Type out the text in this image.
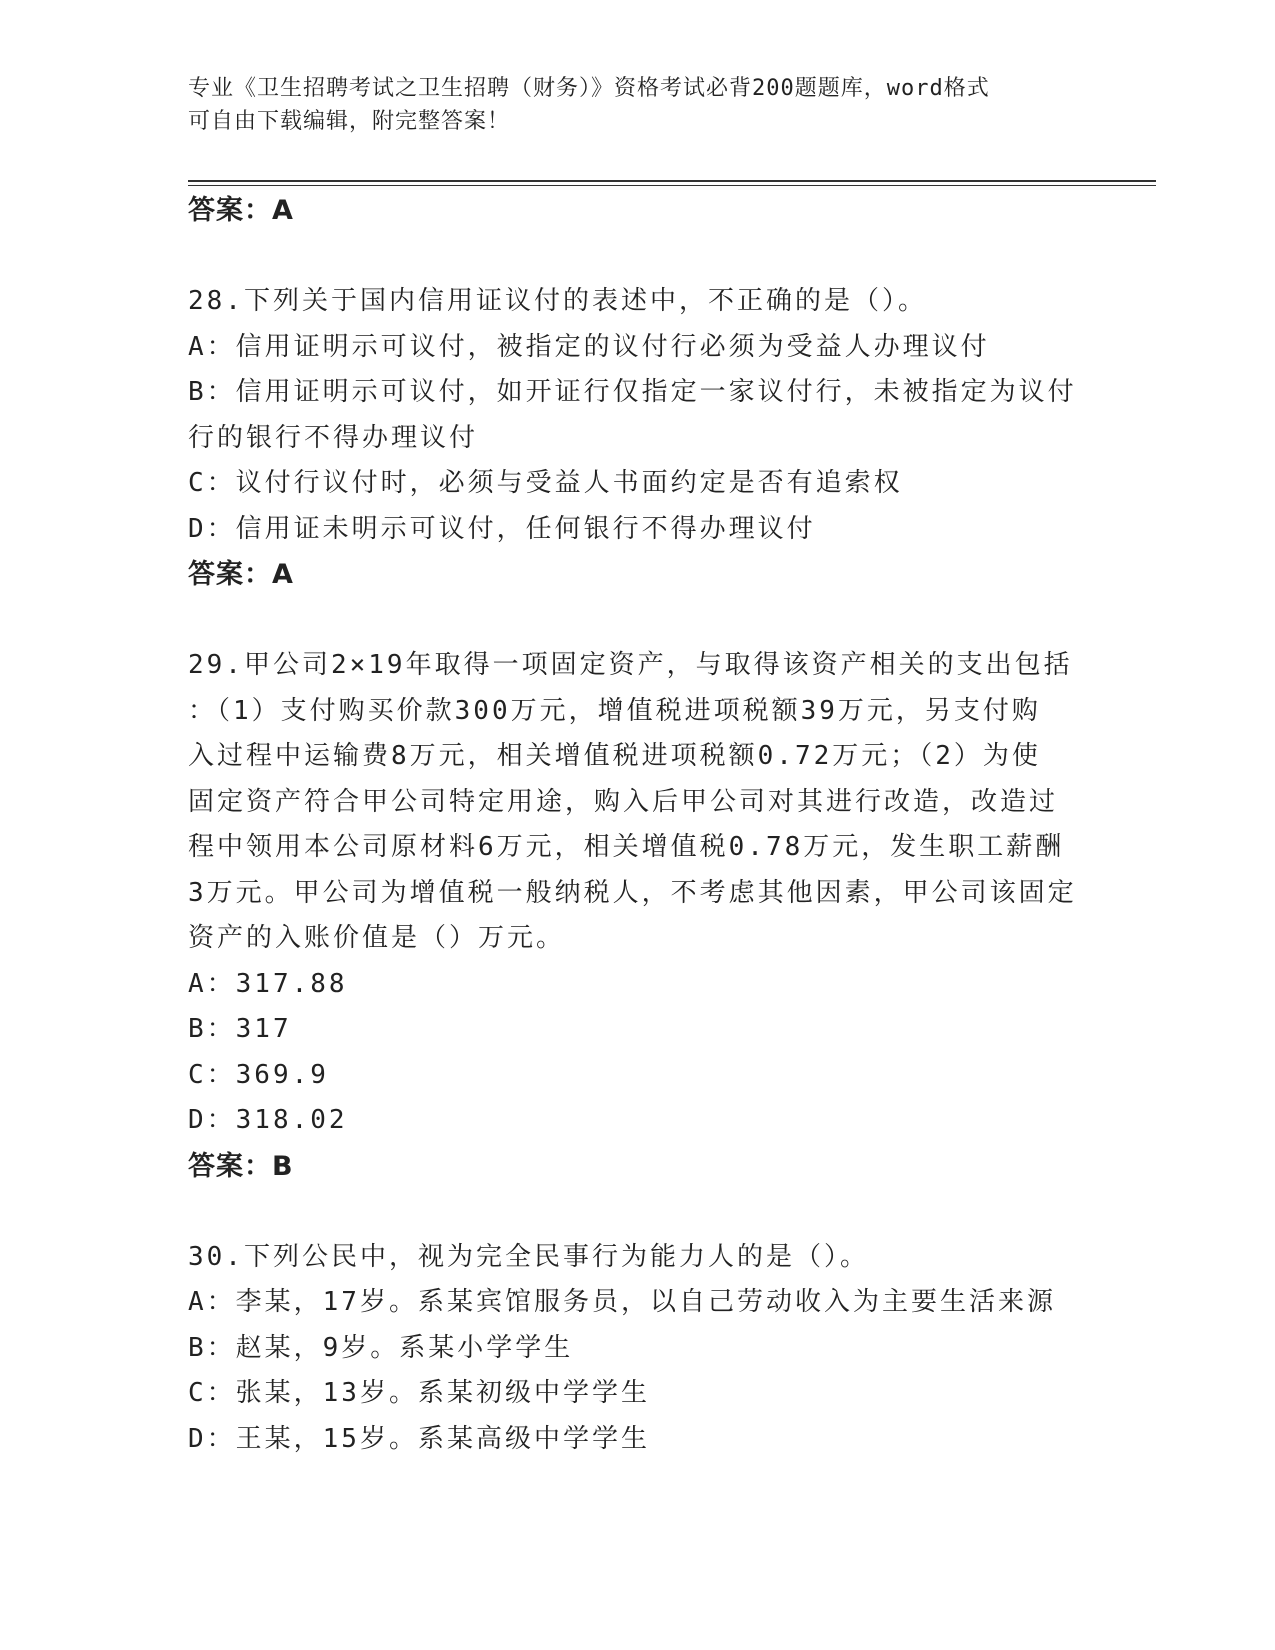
专业《卫生招聘考试之卫生招聘（财务）》资格考试必背200题题库，word格式
可自由下载编辑，附完整答案！
答案：A
28.下列关于国内信用证议付的表述中，不正确的是（）。
A：信用证明示可议付，被指定的议付行必须为受益人办理议付
B：信用证明示可议付，如开证行仅指定一家议付行，未被指定为议付
行的银行不得办理议付
C：议付行议付时，必须与受益人书面约定是否有追索权
D：信用证未明示可议付，任何银行不得办理议付
答案：A
29.甲公司2×19年取得一项固定资产，与取得该资产相关的支出包括
：（1）支付购买价款300万元，增值税进项税额39万元，另支付购
入过程中运输费8万元，相关增值税进项税额0.72万元；（2）为使
固定资产符合甲公司特定用途，购入后甲公司对其进行改造，改造过
程中领用本公司原材料6万元，相关增值税0.78万元，发生职工薪酬
3万元。甲公司为增值税一般纳税人，不考虑其他因素，甲公司该固定
资产的入账价值是（）万元。
A：317.88
B：317
C：369.9
D：318.02
答案：B
30.下列公民中，视为完全民事行为能力人的是（）。
A：李某，17岁。系某宾馆服务员，以自己劳动收入为主要生活来源
B：赵某，9岁。系某小学学生
C：张某，13岁。系某初级中学学生
D：王某，15岁。系某高级中学学生
